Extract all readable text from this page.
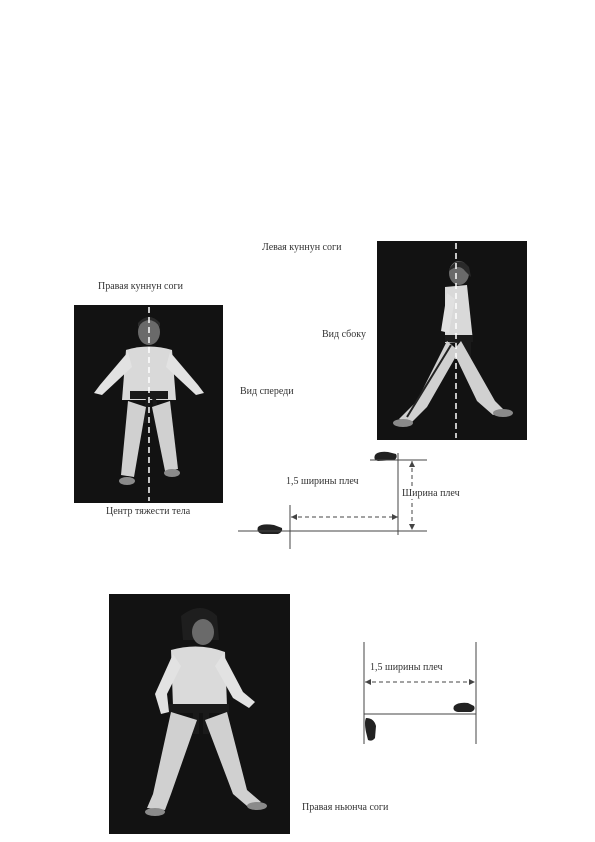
Левая куннун соги
Правая куннун соги
Вид спереди
Центр тяжести тела
Вид сбоку
1,5 ширины плеч
Ширина плеч
1,5 ширины плеч
Правая ньюнча соги
